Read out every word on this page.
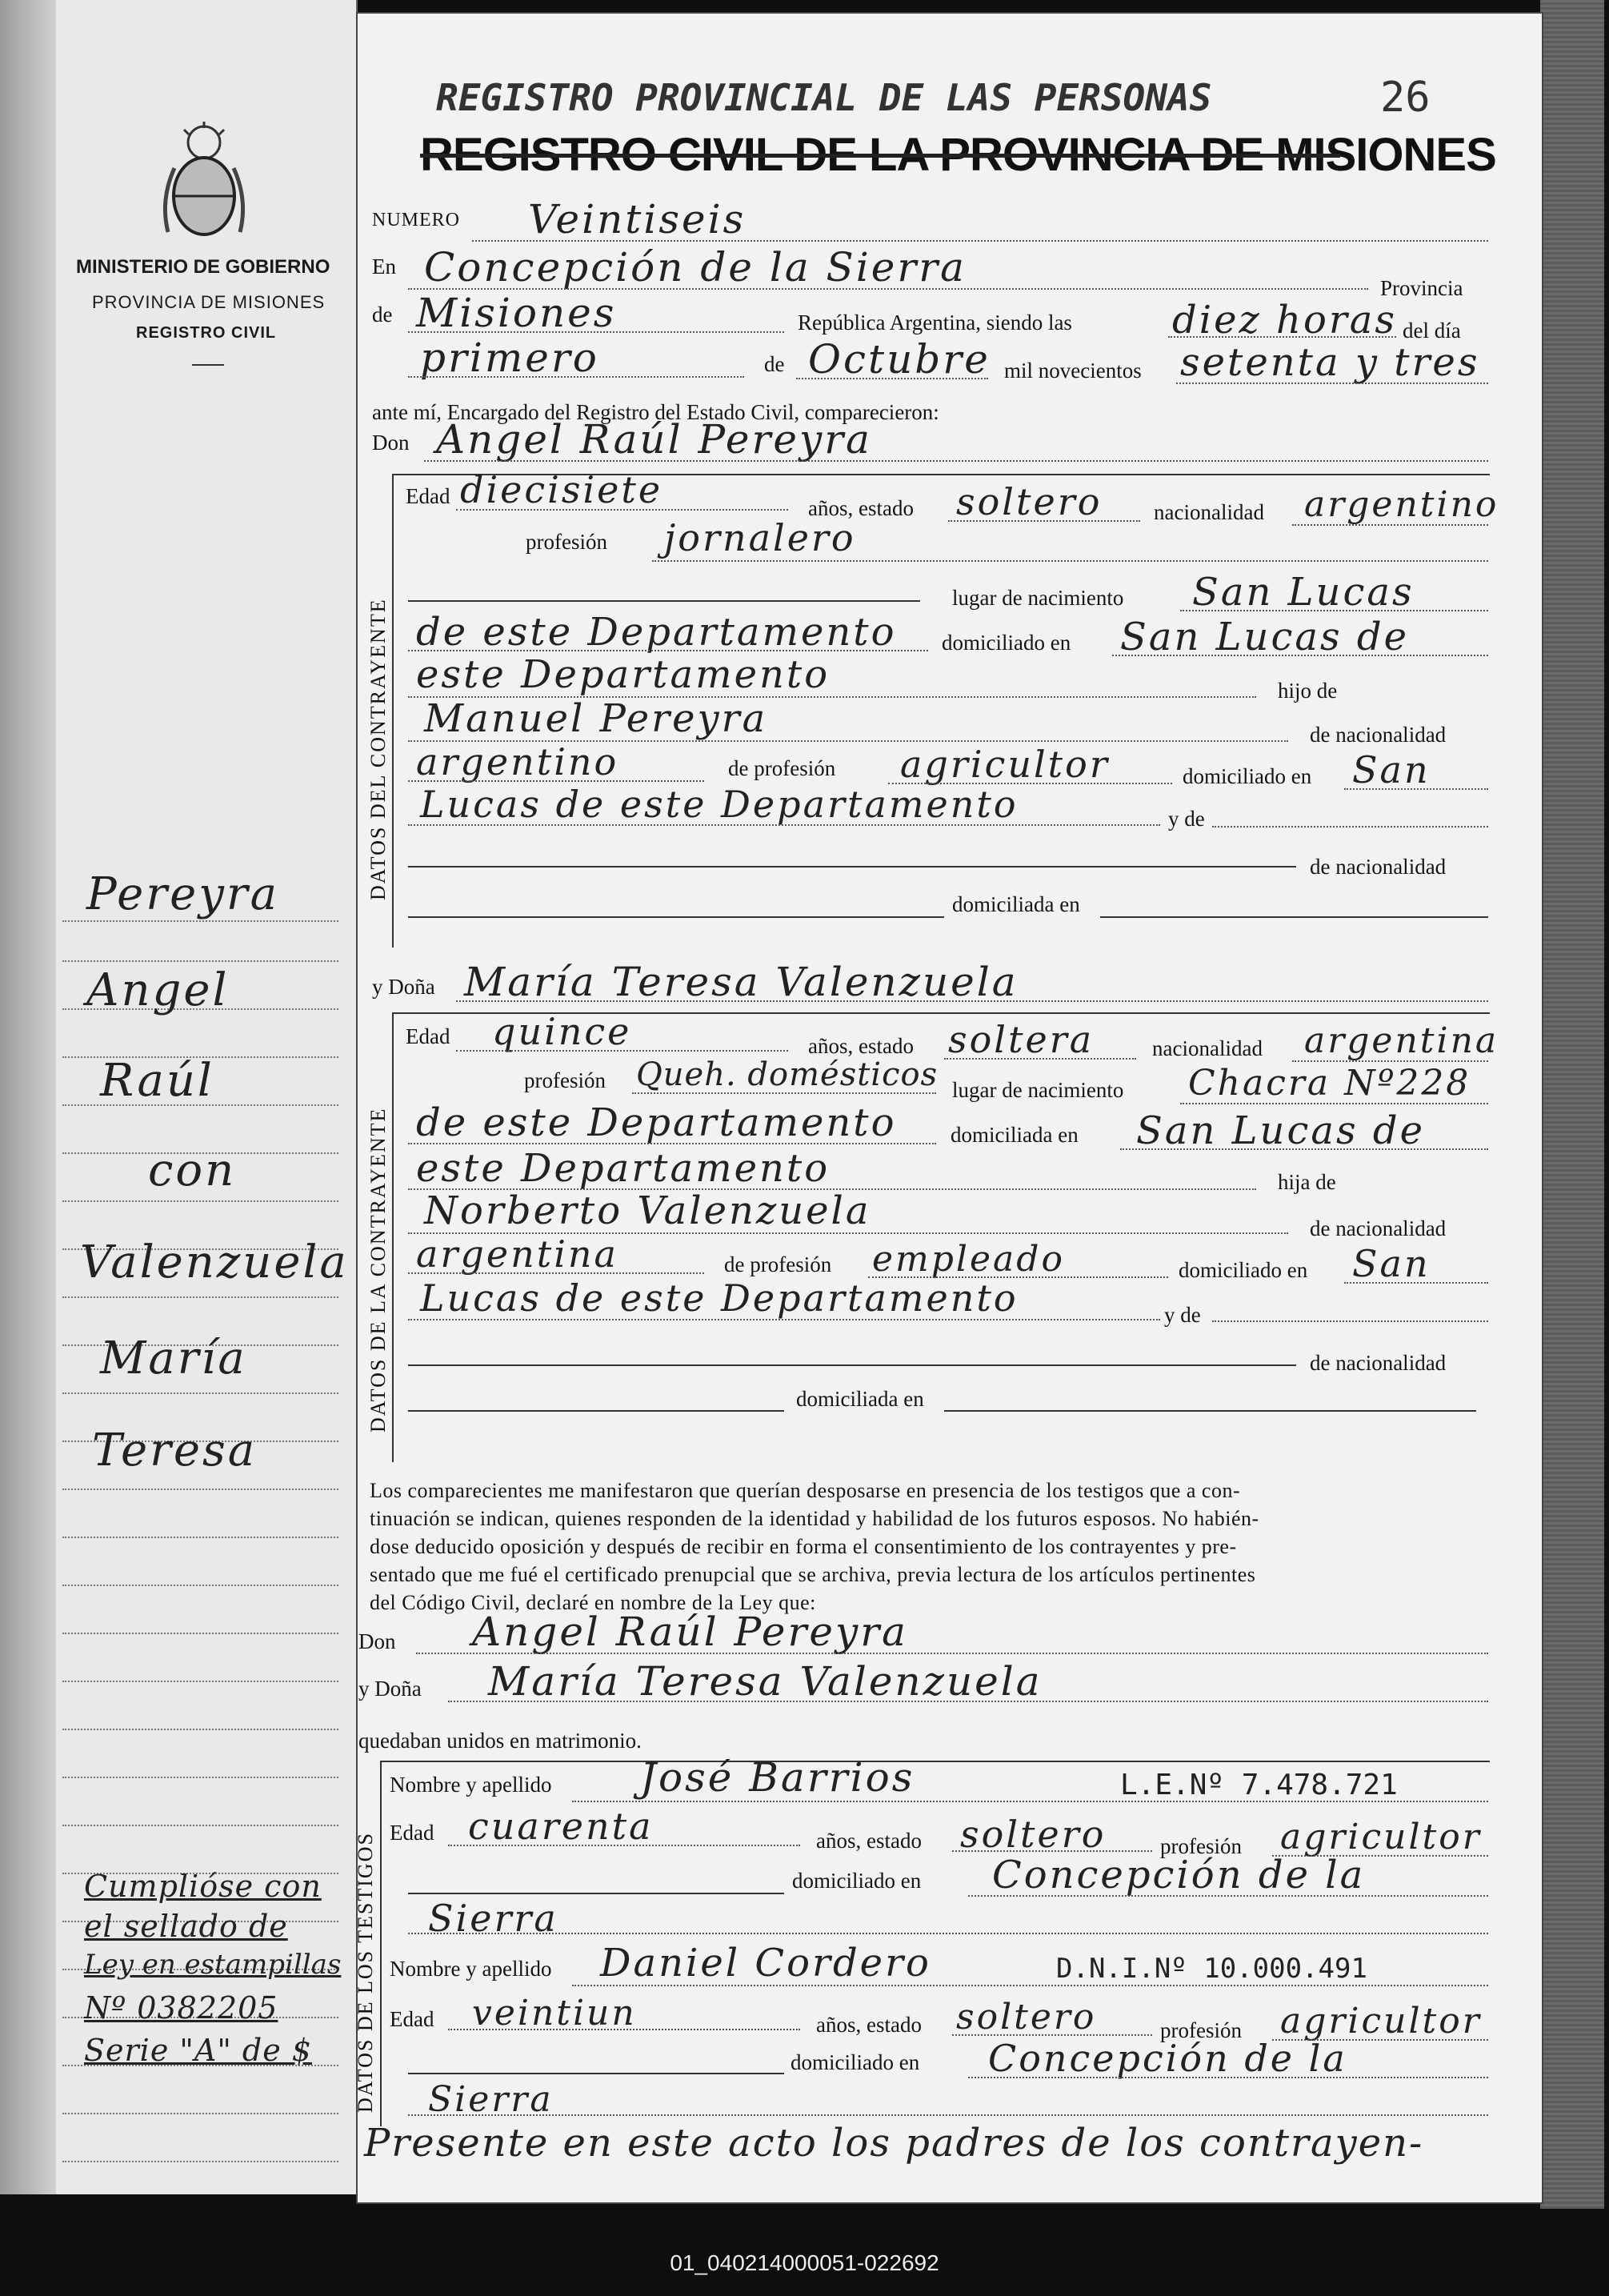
MINISTERIO DE GOBIERNO
PROVINCIA DE MISIONES
REGISTRO CIVIL
Pereyra
Angel
Raúl
con
Valenzuela
María
Teresa
Cumplióse con
el sellado de
Ley en estampillas
Nº 0382205
Serie "A" de $
REGISTRO PROVINCIAL DE LAS PERSONAS	26
REGISTRO CIVIL DE LA PROVINCIA DE MISIONES
NUMERO Veintiseis
En Concepción de la Sierra	Provincia
de Misiones	República Argentina, siendo las	diez horas del día
primero	de Octubre mil novecientos setenta y tres
ante mí, Encargado del Registro del Estado Civil, comparecieron:
Don Angel Raúl Pereyra
DATOS DEL CONTRAYENTE
Edad diecisiete	años, estado soltero nacionalidad argentino
profesión jornalero
lugar de nacimiento San Lucas
de este Departamento domiciliado en San Lucas de
este Departamento	hijo de
Manuel Pereyra	de nacionalidad
argentino	de profesión agricultor	domiciliado en San
Lucas de este Departamento	y de
de nacionalidad
domiciliada en
y Doña María Teresa Valenzuela
DATOS DE LA CONTRAYENTE
Edad quince	años, estado soltera	nacionalidad argentina
profesión Queh. domésticos lugar de nacimiento Chacra Nº228
de este Departamento	domiciliada en San Lucas de
este Departamento	hija de
Norberto Valenzuela	de nacionalidad
argentina	de profesión empleado	domiciliado en San
Lucas de este Departamento	y de
de nacionalidad
domiciliada en
Los comparecientes me manifestaron que querían desposarse en presencia de los testigos que a con-
tinuación se indican, quienes responden de la identidad y habilidad de los futuros esposos. No habién-
dose deducido oposición y después de recibir en forma el consentimiento de los contrayentes y pre-
sentado que me fué el certificado prenupcial que se archiva, previa lectura de los artículos pertinentes
del Código Civil, declaré en nombre de la Ley que:
Don Angel Raúl Pereyra
y Doña María Teresa Valenzuela
quedaban unidos en matrimonio.
DATOS DE LOS TESTIGOS
Nombre y apellido José Barrios	L.E.Nº 7.478.721
Edad cuarenta	años, estado soltero	profesión agricultor
domiciliado en Concepción de la
Sierra
Nombre y apellido Daniel Cordero	D.N.I.Nº 10.000.491
Edad veintiun	años, estado soltero	profesión agricultor
domiciliado en Concepción de la
Sierra
Presente en este acto los padres de los contrayen-
01_040214000051-022692
